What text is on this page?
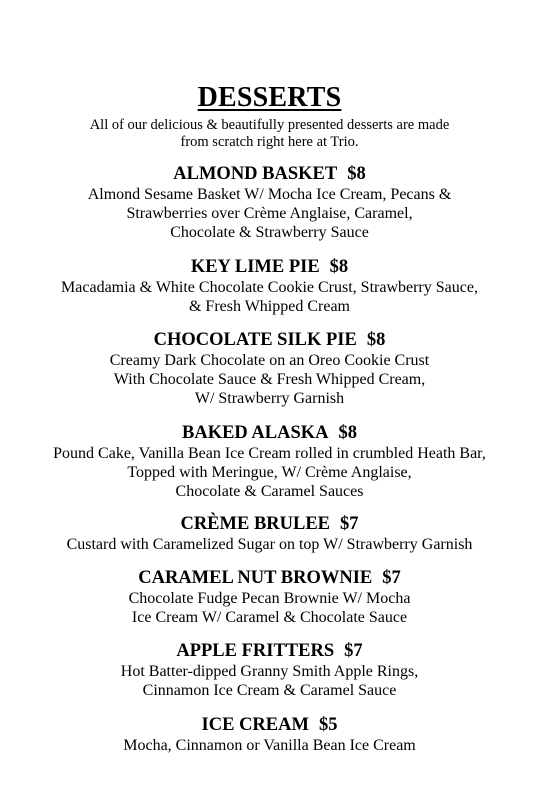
DESSERTS
All of our delicious & beautifully presented desserts are made
from scratch right here at Trio.
ALMOND BASKET $8
Almond Sesame Basket W/ Mocha Ice Cream, Pecans &
Strawberries over Crème Anglaise, Caramel,
Chocolate & Strawberry Sauce
KEY LIME PIE $8
Macadamia & White Chocolate Cookie Crust, Strawberry Sauce,
& Fresh Whipped Cream
CHOCOLATE SILK PIE $8
Creamy Dark Chocolate on an Oreo Cookie Crust
With Chocolate Sauce & Fresh Whipped Cream,
W/ Strawberry Garnish
BAKED ALASKA $8
Pound Cake, Vanilla Bean Ice Cream rolled in crumbled Heath Bar,
Topped with Meringue, W/ Crème Anglaise,
Chocolate & Caramel Sauces
CRÈME BRULEE $7
Custard with Caramelized Sugar on top W/ Strawberry Garnish
CARAMEL NUT BROWNIE $7
Chocolate Fudge Pecan Brownie W/ Mocha
Ice Cream W/ Caramel & Chocolate Sauce
APPLE FRITTERS $7
Hot Batter-dipped Granny Smith Apple Rings,
Cinnamon Ice Cream & Caramel Sauce
ICE CREAM $5
Mocha, Cinnamon or Vanilla Bean Ice Cream
